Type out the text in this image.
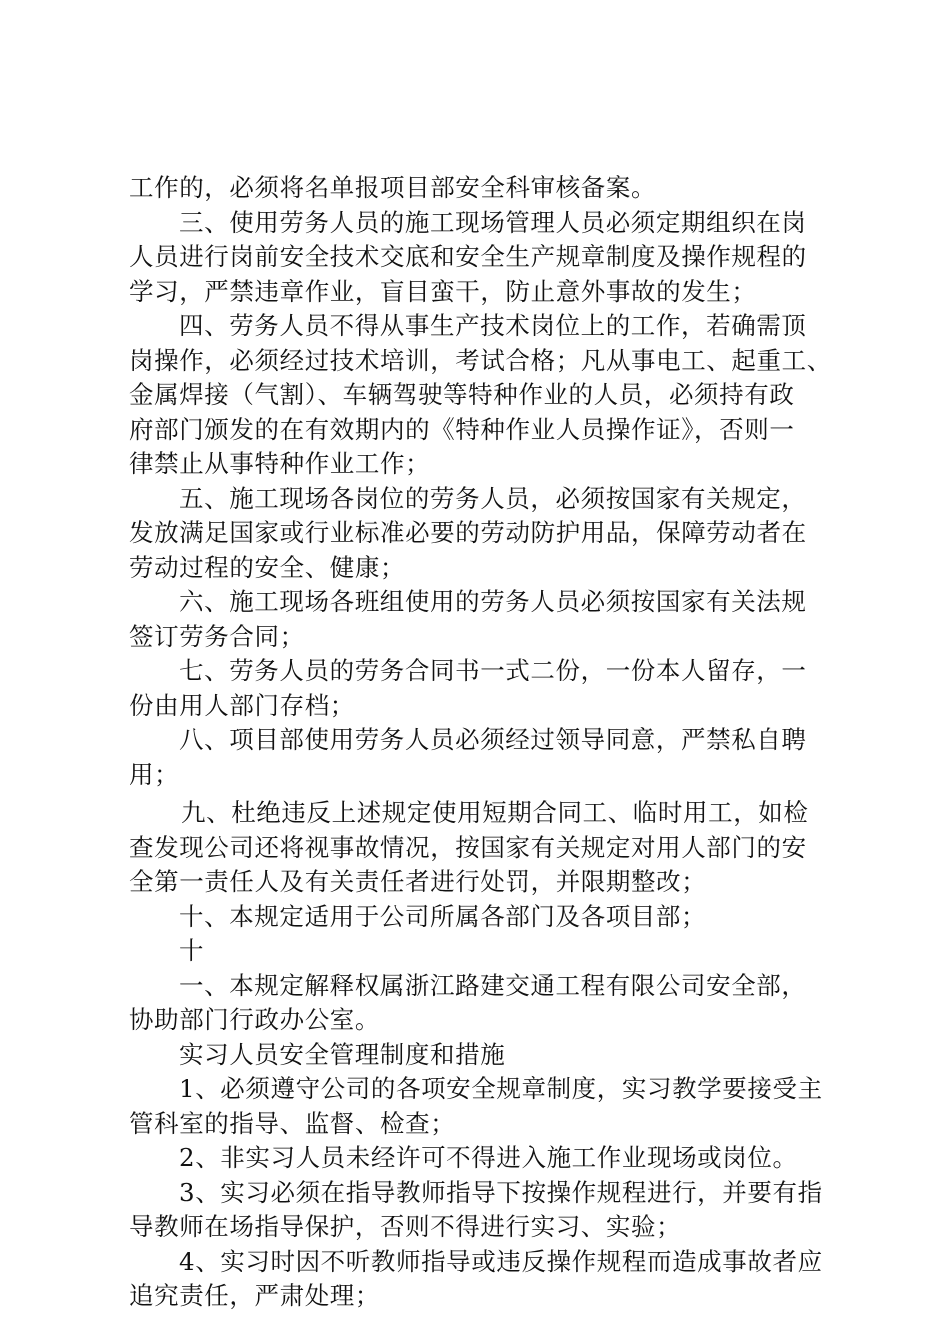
工作的，必须将名单报项目部安全科审核备案。
三、使用劳务人员的施工现场管理人员必须定期组织在岗
人员进行岗前安全技术交底和安全生产规章制度及操作规程的
学习，严禁违章作业，盲目蛮干，防止意外事故的发生；
四、劳务人员不得从事生产技术岗位上的工作，若确需顶
岗操作，必须经过技术培训，考试合格；凡从事电工、起重工、
金属焊接（气割）、车辆驾驶等特种作业的人员，必须持有政
府部门颁发的在有效期内的《特种作业人员操作证》，否则一
律禁止从事特种作业工作；
五、施工现场各岗位的劳务人员，必须按国家有关规定，
发放满足国家或行业标准必要的劳动防护用品，保障劳动者在
劳动过程的安全、健康；
六、施工现场各班组使用的劳务人员必须按国家有关法规
签订劳务合同；
七、劳务人员的劳务合同书一式二份，一份本人留存，一
份由用人部门存档；
八、项目部使用劳务人员必须经过领导同意，严禁私自聘
用；
九、杜绝违反上述规定使用短期合同工、临时用工，如检
查发现公司还将视事故情况，按国家有关规定对用人部门的安
全第一责任人及有关责任者进行处罚，并限期整改；
十、本规定适用于公司所属各部门及各项目部；
十
一、本规定解释权属浙江路建交通工程有限公司安全部，
协助部门行政办公室。
实习人员安全管理制度和措施
1、必须遵守公司的各项安全规章制度，实习教学要接受主
管科室的指导、监督、检查；
2、非实习人员未经许可不得进入施工作业现场或岗位。
3、实习必须在指导教师指导下按操作规程进行，并要有指
导教师在场指导保护，否则不得进行实习、实验；
4、实习时因不听教师指导或违反操作规程而造成事故者应
追究责任，严肃处理；
